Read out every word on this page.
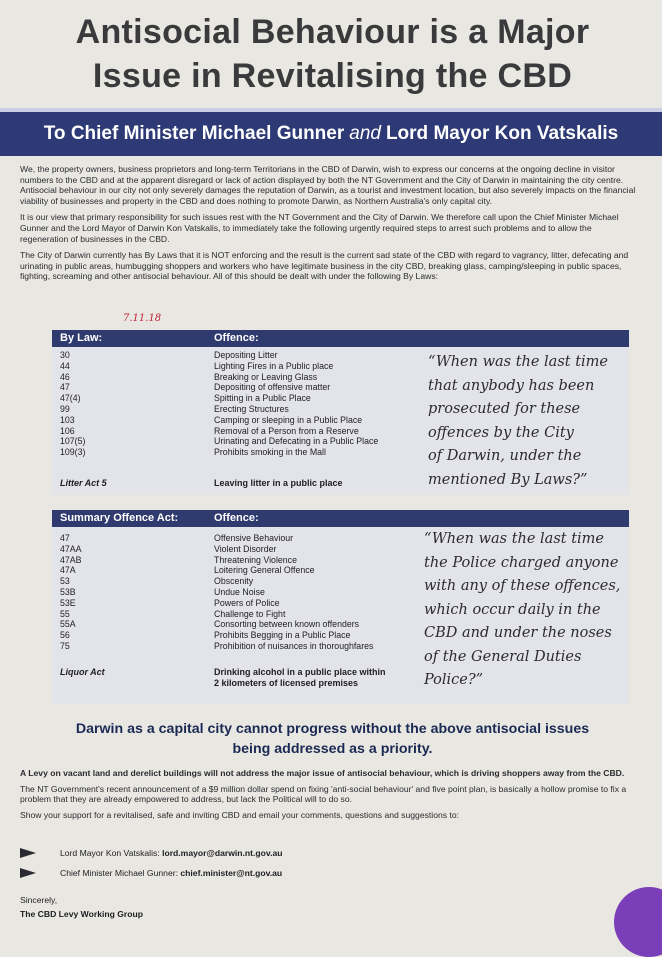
Antisocial Behaviour is a Major
Issue in Revitalising the CBD
To Chief Minister Michael Gunner and Lord Mayor Kon Vatskalis

We, the property owners, business proprietors and long-term Territorians in the CBD of Darwin, wish to express our concerns at the ongoing decline in visitor numbers to the CBD and at the apparent disregard or lack of action displayed by both the NT Government and the City of Darwin in maintaining the city centre. Antisocial behaviour in our city not only severely damages the reputation of Darwin, as a tourist and investment location, but also severely impacts on the financial viability of businesses and property in the CBD and does nothing to promote Darwin, as Northern Australia's only capital city.

It is our view that primary responsibility for such issues rest with the NT Government and the City of Darwin. We therefore call upon the Chief Minister Michael Gunner and the Lord Mayor of Darwin Kon Vatskalis, to immediately take the following urgently required steps to arrest such problems and to allow the regeneration of businesses in the CBD.

The City of Darwin currently has By Laws that it is NOT enforcing and the result is the current sad state of the CBD with regard to vagrancy, litter, defecating and urinating in public areas, humbugging shoppers and workers who have legitimate business in the city CBD, breaking glass, camping/sleeping in public spaces, fighting, screaming and other antisocial behaviour. All of this should be dealt with under the following By Laws:

7.11.18
By Law:	Offence:
30	Depositing Litter
44	Lighting Fires in a Public place
46	Breaking or Leaving Glass
47	Depositing of offensive matter
47(4)	Spitting in a Public Place
99	Erecting Structures
103	Camping or sleeping in a Public Place
106	Removal of a Person from a Reserve
107(5)	Urinating and Defecating in a Public Place
109(3)	Prohibits smoking in the Mall
Litter Act 5	Leaving litter in a public place
“When was the last time
that anybody has been
prosecuted for these
offences by the City
of Darwin, under the
mentioned By Laws?”
Summary Offence Act:	Offence:
47	Offensive Behaviour
47AA	Violent Disorder
47AB	Threatening Violence
47A	Loitering General Offence
53	Obscenity
53B	Undue Noise
53E	Powers of Police
55	Challenge to Fight
55A	Consorting between known offenders
56	Prohibits Begging in a Public Place
75	Prohibition of nuisances in thoroughfares
Liquor Act	Drinking alcohol in a public place within
2 kilometers of licensed premises
“When was the last time
the Police charged anyone
with any of these offences,
which occur daily in the
CBD and under the noses
of the General Duties
Police?”
Darwin as a capital city cannot progress without the above antisocial issues
being addressed as a priority.

A Levy on vacant land and derelict buildings will not address the major issue of antisocial behaviour, which is driving shoppers away from the CBD.

The NT Government's recent announcement of a $9 million dollar spend on fixing 'anti-social behaviour' and five point plan, is basically a hollow promise to fix a problem that they are already empowered to address, but lack the Political will to do so.

Show your support for a revitalised, safe and inviting CBD and email your comments, questions and suggestions to:

Lord Mayor Kon Vatskalis: lord.mayor@darwin.nt.gov.au
Chief Minister Michael Gunner: chief.minister@nt.gov.au
Sincerely,
The CBD Levy Working Group
